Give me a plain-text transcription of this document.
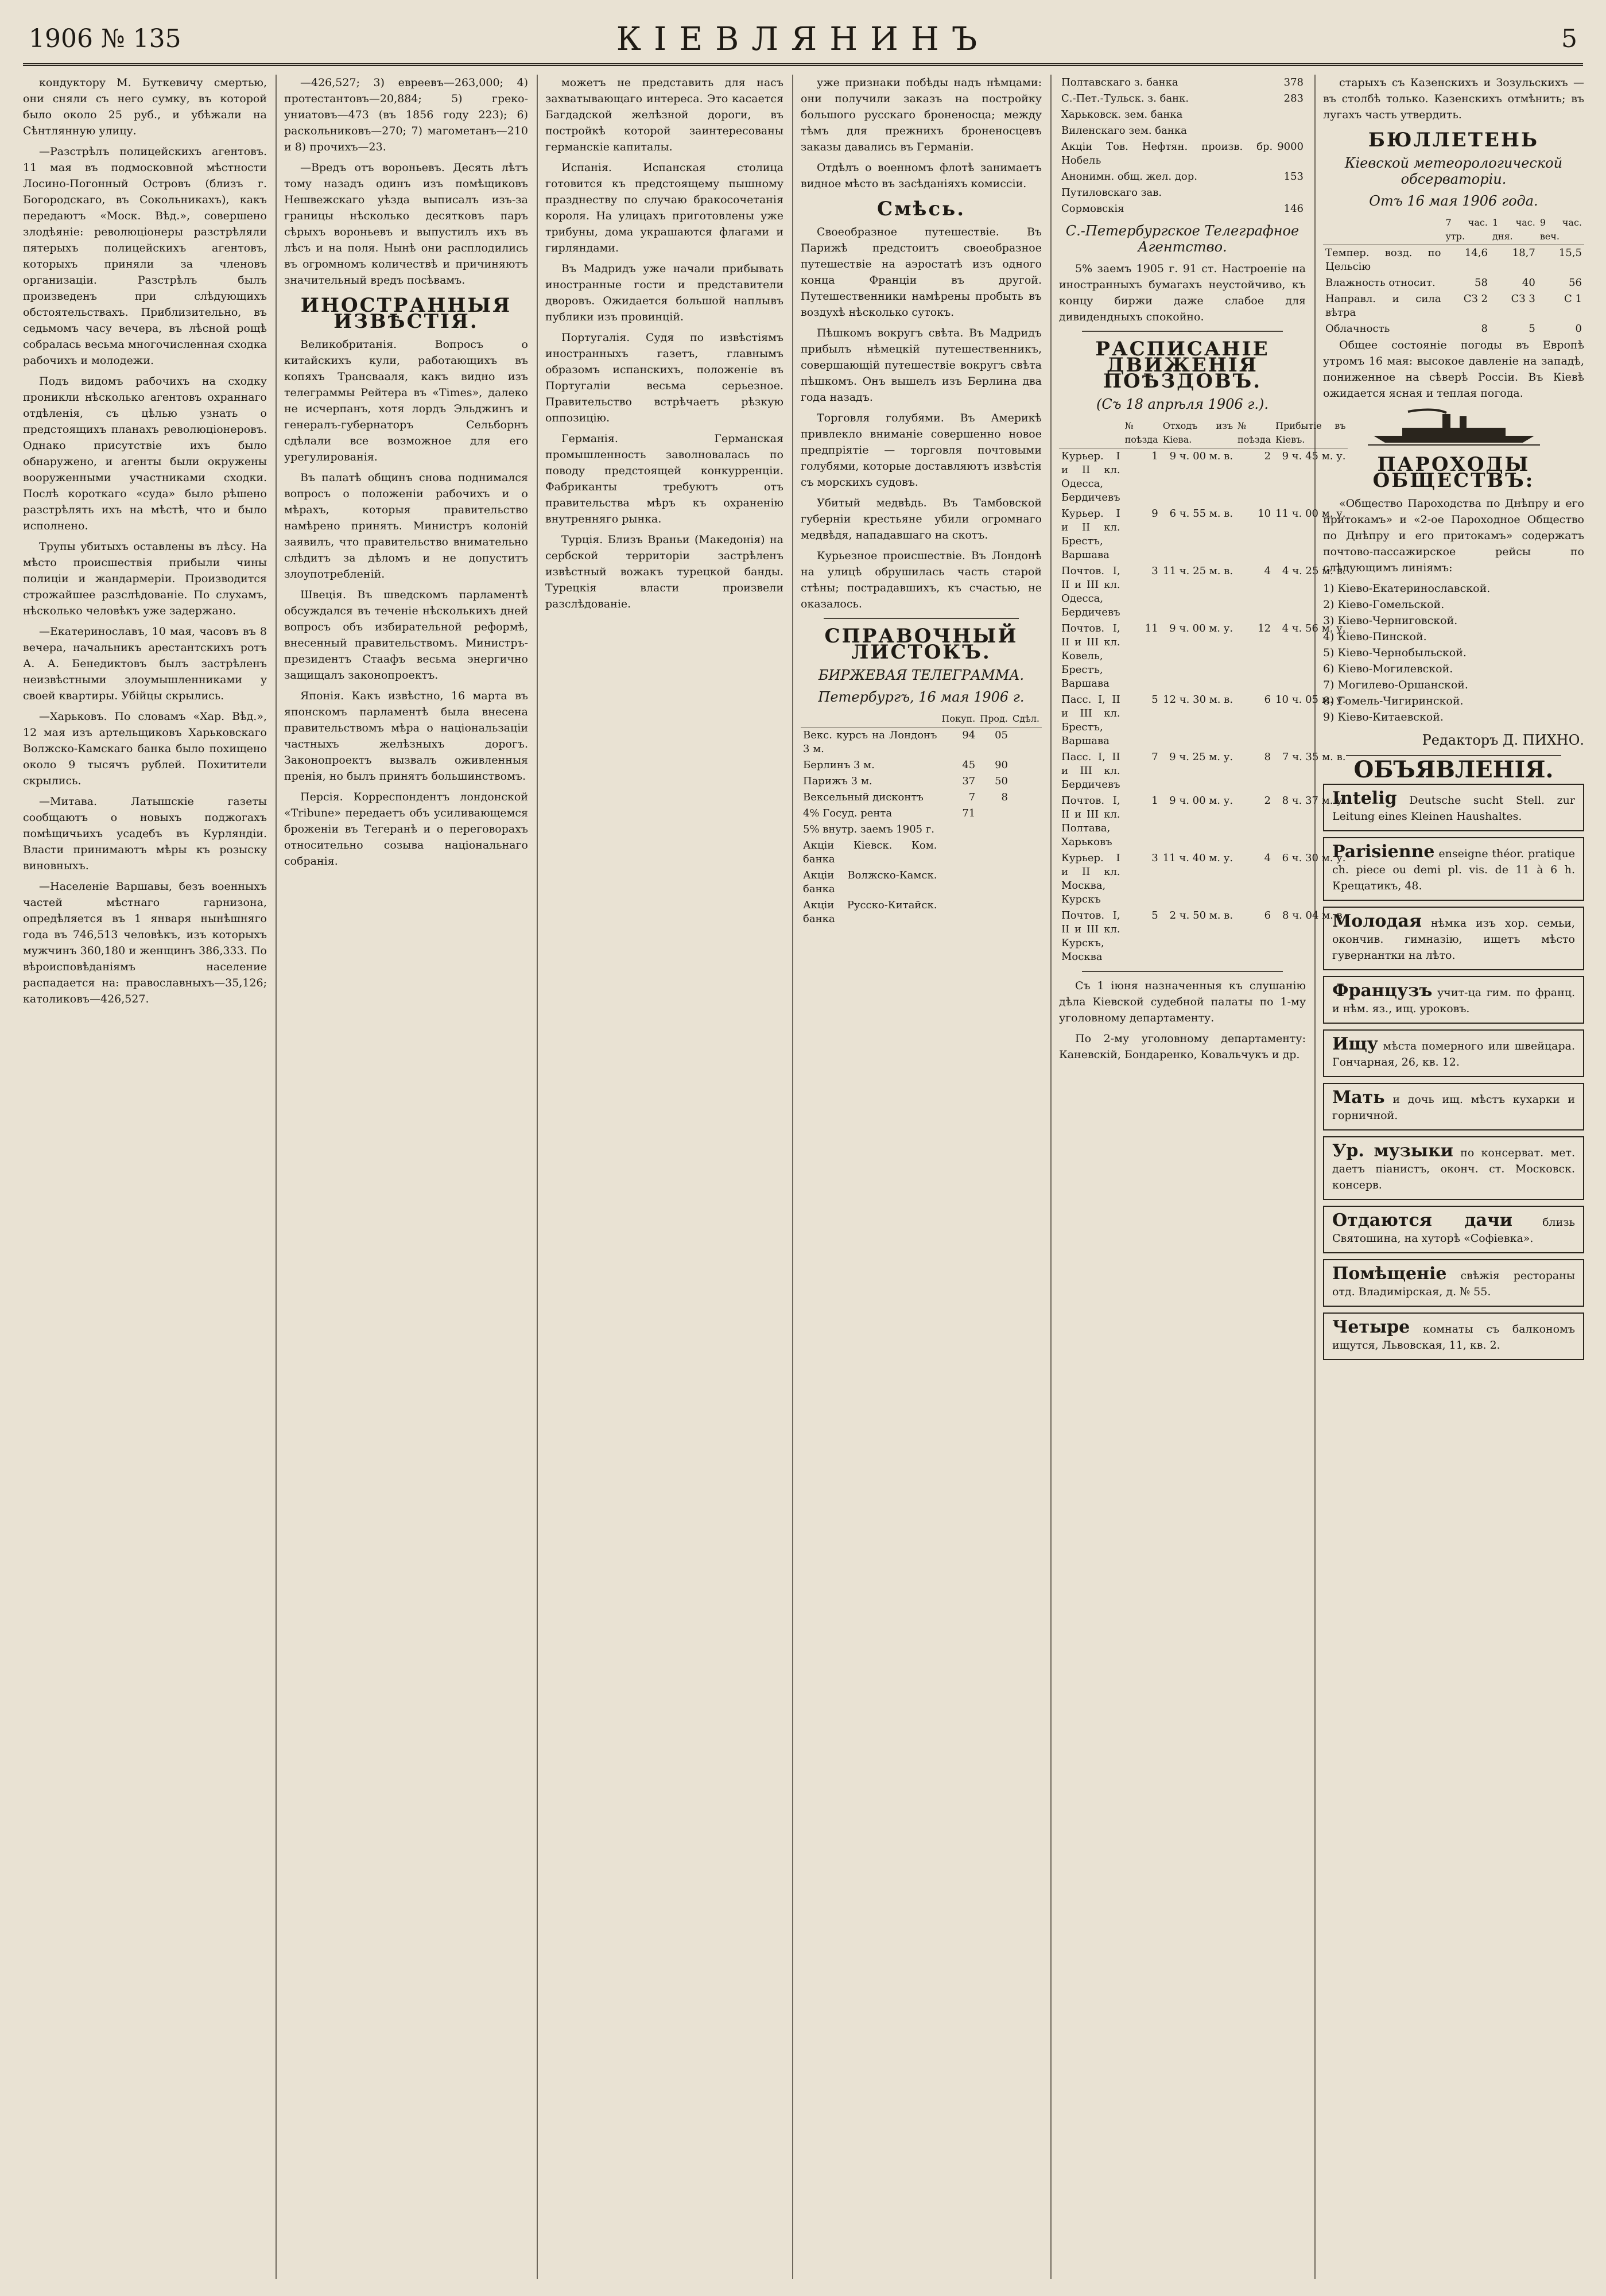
1906 № 135	КІЕВЛЯНИНЪ	5

кондуктору М. Буткевичу смертью, они сняли съ него сумку, въ которой было около 25 руб., и убѣжали на Cѣнтлянную улицу.

—Разстрѣлъ полицейскихъ агентовъ. 11 мая въ подмосковной мѣстности Лосино-Погонный Островъ (близъ г. Богородскаго, въ Сокольникахъ), какъ передаютъ «Моск. Вѣд.», совершено злодѣяніе: революціонеры разстрѣляли пятерыхъ полицейскихъ агентовъ, которыхъ приняли за членовъ организаціи. Разстрѣлъ былъ произведенъ при слѣдующихъ обстоятельствахъ. Приблизительно, въ седьмомъ часу вечера, въ лѣсной рощѣ собралась весьма многочисленная сходка рабочихъ и молодежи.

Подъ видомъ рабочихъ на сходку проникли нѣсколько агентовъ охраннаго отдѣленія, съ цѣлью узнать о предстоящихъ планахъ революціонеровъ. Однако присутствіе ихъ было обнаружено, и агенты были окружены вооруженными участниками сходки. Послѣ короткаго «суда» было рѣшено разстрѣлять ихъ на мѣстѣ, что и было исполнено.

Трупы убитыхъ оставлены въ лѣсу. На мѣсто происшествія прибыли чины полиціи и жандармеріи. Производится строжайшее разслѣдованіе. По слухамъ, нѣсколько человѣкъ уже задержано.

—Екатеринославъ, 10 мая, часовъ въ 8 вечера, начальникъ арестантскихъ ротъ А. А. Бенедиктовъ былъ застрѣленъ неизвѣстными злоумышленниками у своей квартиры. Убійцы скрылись.

—Харьковъ. По словамъ «Хар. Вѣд.», 12 мая изъ артельщиковъ Харьковскаго Волжско-Камскаго банка было похищено около 9 тысячъ рублей. Похитители скрылись.

—Митава. Латышскіе газеты сообщаютъ о новыхъ поджогахъ помѣщичьихъ усадебъ въ Курляндіи. Власти принимаютъ мѣры къ розыску виновныхъ.

—Населеніе Варшавы, безъ военныхъ частей мѣстнаго гарнизона, опредѣляется въ 1 января нынѣшняго года въ 746,513 человѣкъ, изъ которыхъ мужчинъ 360,180 и женщинъ 386,333. По вѣроисповѣданіямъ население распадается на: православныхъ—35,126; католиковъ—426,527.

—426,527; 3) евреевъ—263,000; 4) протестантовъ—20,884; 5) греко-униатовъ—473 (въ 1856 году 223); 6) раскольниковъ—270; 7) магометанъ—210 и 8) прочихъ—23.

—Вредъ отъ вороньевъ. Десять лѣтъ тому назадъ одинъ изъ помѣщиковъ Нешвежскаго уѣзда выписалъ изъ-за границы нѣсколько десятковъ паръ сѣрыхъ вороньевъ и выпустилъ ихъ въ лѣсъ и на поля. Нынѣ они расплодились въ огромномъ количествѣ и причиняютъ значительный вредъ посѣвамъ.

ИНОСТРАННЫЯ ИЗВѢСТІЯ.

Великобританія. Вопросъ о китайскихъ кули, работающихъ въ копяхъ Трансвааля, какъ видно изъ телеграммы Рейтера въ «Times», далеко не исчерпанъ, хотя лордъ Эльджинъ и генералъ-губернаторъ Сельборнъ сдѣлали все возможное для его урегулированія.

Въ палатѣ общинъ снова поднимался вопросъ о положеніи рабочихъ и о мѣрахъ, которыя правительство намѣрено принять. Министръ колоній заявилъ, что правительство внимательно слѣдитъ за дѣломъ и не допуститъ злоупотребленій.

Швеція. Въ шведскомъ парламентѣ обсуждался въ теченіе нѣсколькихъ дней вопросъ объ избирательной реформѣ, внесенный правительствомъ. Министръ-президентъ Стаафъ весьма энергично защищалъ законопроектъ.

Японія. Какъ извѣстно, 16 марта въ японскомъ парламентѣ была внесена правительствомъ мѣра о національзаціи частныхъ желѣзныхъ дорогъ. Законопроектъ вызвалъ оживленныя пренія, но былъ принятъ большинствомъ.

Персія. Корреспондентъ лондонской «Tribune» передаетъ объ усиливающемся броженіи въ Тегеранѣ и о переговорахъ относительно созыва національнаго собранія.

можетъ не представить для насъ захватывающаго интереса. Это касается Багдадской желѣзной дороги, въ постройкѣ которой заинтересованы германскіе капиталы.

Испанія. Испанская столица готовится къ предстоящему пышному празднеству по случаю бракосочетанія короля. На улицахъ приготовлены уже трибуны, дома украшаются флагами и гирляндами.

Въ Мадридъ уже начали прибывать иностранные гости и представители дворовъ. Ожидается большой наплывъ публики изъ провинцій.

Португалія. Судя по извѣстіямъ иностранныхъ газетъ, главнымъ образомъ испанскихъ, положеніе въ Португаліи весьма серьезное. Правительство встрѣчаетъ рѣзкую оппозицію.

Германія. Германская промышленность заволновалась по поводу предстоящей конкурренціи. Фабриканты требуютъ отъ правительства мѣръ къ охраненію внутренняго рынка.

Турція. Близъ Враньи (Македонія) на сербской территоріи застрѣленъ извѣстный вожакъ турецкой банды. Турецкія власти произвели разслѣдованіе.

уже признаки побѣды надъ нѣмцами: они получили заказъ на постройку большого русскаго броненосца; между тѣмъ для прежнихъ броненосцевъ заказы давались въ Германіи.

Отдѣлъ о военномъ флотѣ занимаетъ видное мѣсто въ засѣданіяхъ комиссіи.

Смѣсь.

Своеобразное путешествіе. Въ Парижѣ предстоитъ своеобразное путешествіе на аэростатѣ изъ одного конца Франціи въ другой. Путешественники намѣрены пробыть въ воздухѣ нѣсколько сутокъ.

Пѣшкомъ вокругъ свѣта. Въ Мадридъ прибылъ нѣмецкій путешественникъ, совершающій путешествіе вокругъ свѣта пѣшкомъ. Онъ вышелъ изъ Берлина два года назадъ.

Торговля голубями. Въ Америкѣ привлекло вниманіе совершенно новое предпріятіе — торговля почтовыми голубями, которые доставляютъ извѣстія съ морскихъ судовъ.

Убитый медвѣдь. Въ Тамбовской губерніи крестьяне убили огромнаго медвѣдя, нападавшаго на скотъ.

Курьезное происшествіе. Въ Лондонѣ на улицѣ обрушилась часть старой стѣны; пострадавшихъ, къ счастью, не оказалось.

СПРАВОЧНЫЙ ЛИСТОКЪ.
БИРЖЕВАЯ ТЕЛЕГРАММА.
Петербургъ, 16 мая 1906 г.
	Покуп.	Прод.	Сдѣл.
Векс. курсъ на Лондонъ 3 м.	94	05	
Берлинъ 3 м.	45	90	
Парижъ 3 м.	37	50	
Вексельный дисконтъ	7	8	
4% Госуд. рента	71		
5% внутр. заемъ 1905 г.			
Акціи Кіевск. Ком. банка			
Акціи Волжско-Камск. банка			
Акціи Русско-Китайск. банка			
Полтавскаго з. банка	378
С.-Пет.-Тульск. з. банк.	283
Харьковск. зем. банка	
Виленскаго зем. банка	
Акцiи Тов. Нефтян. произв. бр. Нобель	9000
Анонимн. общ. жел. дор.	153
Путиловскаго зав.	
Сормовскія	146
С.-Петербургское Телеграфное Агентство.

5% заемъ 1905 г. 91 ст. Настроеніе на иностранныхъ бумагахъ неустойчиво, къ концу биржи даже слабое для дивидендныхъ спокойно.

РАСПИСАНІЕ ДВИЖЕНІЯ ПОѢЗДОВЪ.
(Съ 18 апрѣля 1906 г.).
	№ поѣзда	Отходъ изъ Кіева.	№ поѣзда	Прибытіе въ Кіевъ.
Курьер. I и II кл. Одесса, Бердичевъ	1	9 ч. 00 м. в.	2	9 ч. 45 м. у.
Курьер. I и II кл. Брестъ, Варшава	9	6 ч. 55 м. в.	10	11 ч. 00 м. у.
Почтов. I, II и III кл. Одесса, Бердичевъ	3	11 ч. 25 м. в.	4	4 ч. 25 м. в.
Почтов. I, II и III кл. Ковель, Брестъ, Варшава	11	9 ч. 00 м. у.	12	4 ч. 56 м. у.
Пасс. I, II и III кл. Брестъ, Варшава	5	12 ч. 30 м. в.	6	10 ч. 05 м. у.
Пасс. I, II и III кл. Бердичевъ	7	9 ч. 25 м. у.	8	7 ч. 35 м. в.
Почтов. I, II и III кл. Полтава, Харьковъ	1	9 ч. 00 м. у.	2	8 ч. 37 м. у.
Курьер. I и II кл. Москва, Курскъ	3	11 ч. 40 м. у.	4	6 ч. 30 м. у.
Почтов. I, II и III кл. Курскъ, Москва	5	2 ч. 50 м. в.	6	8 ч. 04 м. в.

Съ 1 іюня назначенныя къ слушанію дѣла Кіевской судебной палаты по 1-му уголовному департаменту.

По 2-му уголовному департаменту: Каневскій, Бондаренко, Ковальчукъ и др.

старыхъ съ Казенскихъ и Зозульскихъ — въ столбѣ только. Казенскихъ отмѣнить; въ лугахъ часть утвердить.

БЮЛЛЕТЕНЬ
Кіевской метеорологической обсерваторіи.
Отъ 16 мая 1906 года.
	7 час. утр.	1 час. дня.	9 час. веч.
Темпер. возд. по Цельсію	14,6	18,7	15,5
Влажность относит.	58	40	56
Направл. и сила вѣтра	СЗ 2	СЗ 3	С 1
Облачность	8	5	0

Общее состояніе погоды въ Европѣ утромъ 16 мая: высокое давленіе на западѣ, пониженное на сѣверѣ Россіи. Въ Кіевѣ ожидается ясная и теплая погода.

ПАРОХОДЫ ОБЩЕСТВЪ:

«Общество Пароходства по Днѣпру и его притокамъ» и «2-ое Пароходное Общество по Днѣпру и его притокамъ» содержатъ почтово-пассажирское рейсы по слѣдующимъ линіямъ:

1) Кіево-Екатеринославской.
2) Кіево-Гомельской.
3) Кіево-Черниговской.
4) Кіево-Пинской.
5) Кіево-Чернобыльской.
6) Кіево-Могилевской.
7) Могилево-Оршанской.
8) Гомель-Чигиринской.
9) Кіево-Китаевской.
Редакторъ Д. ПИХНО.
ОБЪЯВЛЕНІЯ.
Intelig Deutsche sucht Stell. zur Leitung eines Kleinen Haushaltes.
Parisienne enseigne théor. pratique ch. piece ou demi pl. vis. de 11 à 6 h. Крещатикъ, 48.
Молодая нѣмка изъ хор. семьи, окончив. гимназію, ищетъ мѣсто гувернантки на лѣто.
Французъ учит-ца гим. по франц. и нѣм. яз., ищ. уроковъ.
Ищу мѣста померного или швейцара. Гончарная, 26, кв. 12.
Мать и дочь ищ. мѣстъ кухарки и горничной.
Ур. музыки по консерват. мет. даетъ піанистъ, оконч. ст. Московск. консерв.
Отдаются дачи	близь Святошина, на хуторѣ «Софіевка».
Помѣщеніе свѣжія рестораны отд. Владимірская, д. № 55.
Четыре комнаты съ балкономъ ищутся, Львовская, 11, кв. 2.
